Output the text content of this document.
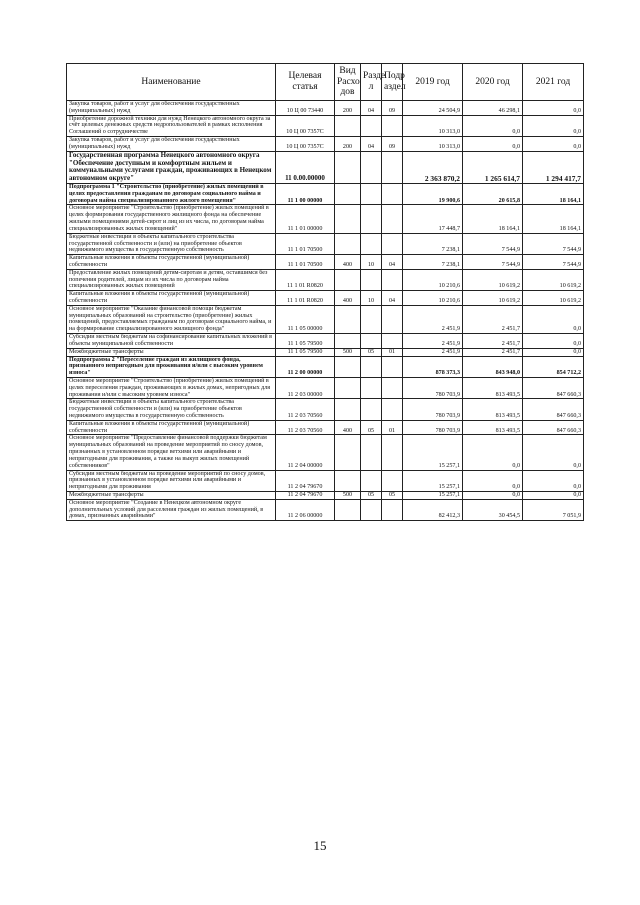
Наименование	Целевая статья	Вид Расхо дов	Разде л	Подр аздел	2019 год	2020 год	2021 год
Закупка товаров, работ и услуг для обеспечения государственных (муниципальных) нужд	10 Ц 00 73440	200	04	09	24 504,9	46 298,1	0,0
Приобретение дорожной техники для нужд Ненецкого автономного округа за счёт целевых денежных средств недропользователей в рамках исполнения Соглашений о сотрудничестве	10 Ц 00 7357С				10 313,0	0,0	0,0
Закупка товаров, работ и услуг для обеспечения государственных (муниципальных) нужд	10 Ц 00 7357С	200	04	09	10 313,0	0,0	0,0
Государственная программа Ненецкого автономного округа "Обеспечение доступным и комфортным жильем и коммунальными услугами граждан, проживающих в Ненецком автономном округе"	11 0.00.00000				2 363 870,2	1 265 614,7	1 294 417,7
Подпрограмма 1 "Строительство (приобретение) жилых помещений в целях предоставления гражданам по договорам социального найма и договорам найма специализированного жилого помещения"	11 1 00 00000				19 900,6	20 615,8	18 164,1
Основное мероприятие "Строительство (приобретение) жилых помещений в целях формирования государственного жилищного фонда на обеспечение жилыми помещениями детей-сирот и лиц из их числа, по договорам найма специализированных жилых помещений"	11 1 01 00000				17 448,7	18 164,1	18 164,1
Бюджетные инвестиции в объекты капитального строительства государственной собственности и (или) на приобретение объектов недвижимого имущества в государственную собственность	11 1 01 70500				7 238,1	7 544,9	7 544,9
Капитальные вложения в объекты государственной (муниципальной) собственности	11 1 01 70500	400	10	04	7 238,1	7 544,9	7 544,9
Предоставление жилых помещений детям-сиротам и детям, оставшимся без попечения родителей, лицам из их числа по договорам найма специализированных жилых помещений	11 1 01 R0820				10 210,6	10 619,2	10 619,2
Капитальные вложения в объекты государственной (муниципальной) собственности	11 1 01 R0820	400	10	04	10 210,6	10 619,2	10 619,2
Основное мероприятие "Оказание финансовой помощи бюджетам муниципальных образований на строительство (приобретение) жилых помещений, предоставляемых гражданам по договорам социального найма, и на формирование специализированного жилищного фонда"	11 1 05 00000				2 451,9	2 451,7	0,0
Субсидии местным бюджетам на софинансирование капитальных вложений в объекты муниципальной собственности	11 1 05 79500				2 451,9	2 451,7	0,0
Межбюджетные трансферты	11 1 05 79500	500	05	01	2 451,9	2 451,7	0,0
Подпрограмма 2 "Переселение граждан из жилищного фонда, признанного непригодным для проживания и/или с высоким уровнем износа"	11 2 00 00000				878 373,3	843 948,0	854 712,2
Основное мероприятие "Строительство (приобретение) жилых помещений в целях переселения граждан, проживающих в жилых домах, непригодных для проживания и/или с высоким уровнем износа"	11 2 03 00000				780 703,9	813 493,5	847 660,3
Бюджетные инвестиции в объекты капитального строительства государственной собственности и (или) на приобретение объектов недвижимого имущества в государственную собственность	11 2 03 70560				780 703,9	813 493,5	847 660,3
Капитальные вложения в объекты государственной (муниципальной) собственности	11 2 03 70560	400	05	01	780 703,9	813 493,5	847 660,3
Основное мероприятие "Предоставление финансовой поддержки бюджетам муниципальных образований на проведение мероприятий по сносу домов, признанных в установленном порядке ветхими или аварийными и непригодными для проживания, а также на выкуп жилых помещений собственников"	11 2 04 00000				15 257,1	0,0	0,0
Субсидии местным бюджетам на проведение мероприятий по сносу домов, признанных в установленном порядке ветхими или аварийными и непригодными для проживания	11 2 04 79670				15 257,1	0,0	0,0
Межбюджетные трансферты	11 2 04 79670	500	05	05	15 257,1	0,0	0,0
Основное мероприятие "Создание в Ненецком автономном округе дополнительных условий для расселения граждан из жилых помещений, в домах, признанных аварийными"	11 2 06 00000				82 412,3	30 454,5	7 051,9
15
